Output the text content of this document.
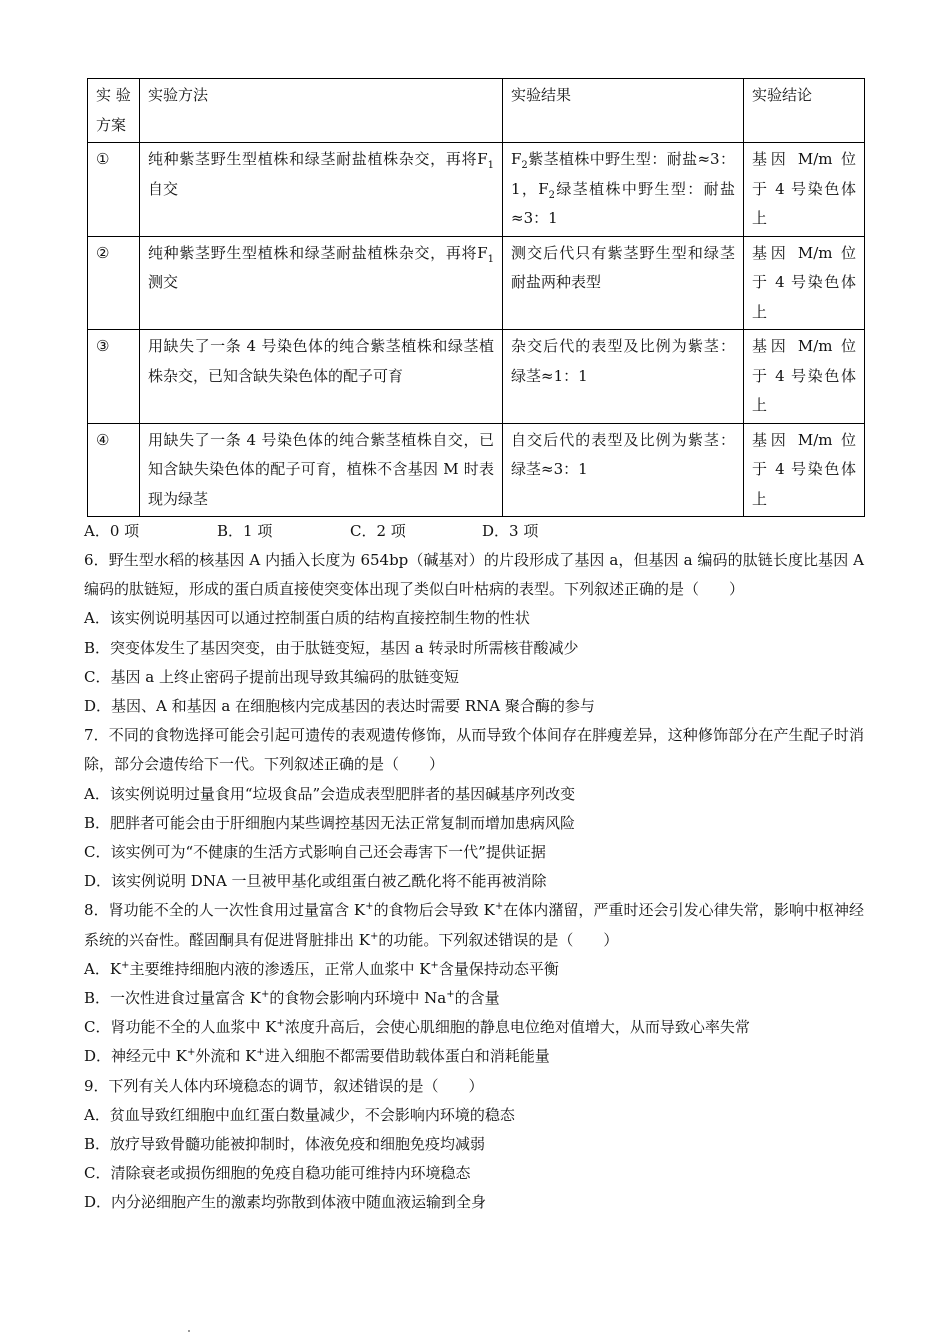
实 验
方案	实验方法	实验结果	实验结论
①	纯种紫茎野生型植株和绿茎耐盐植株杂交，再将$F_1$自交	$F_2$紫茎植株中野生型：耐盐≈3：1，$F_2$绿茎植株中野生型：耐盐≈3：1	基因 M/m 位于 4 号染色体上
②	纯种紫茎野生型植株和绿茎耐盐植株杂交，再将$F_1$测交	测交后代只有紫茎野生型和绿茎耐盐两种表型	基因 M/m 位于 4 号染色体上
③	用缺失了一条 4 号染色体的纯合紫茎植株和绿茎植株杂交，已知含缺失染色体的配子可育	杂交后代的表型及比例为紫茎：绿茎≈1：1	基因 M/m 位于 4 号染色体上
④	用缺失了一条 4 号染色体的纯合紫茎植株自交，已知含缺失染色体的配子可育，植株不含基因 M 时表现为绿茎	自交后代的表型及比例为紫茎：绿茎≈3：1	基因 M/m 位于 4 号染色体上
A．0 项	B．1 项	C．2 项	D．3 项
6．野生型水稻的核基因 A 内插入长度为 654bp（碱基对）的片段形成了基因 a，但基因 a 编码的肽链长度比基因 A 编码的肽链短，形成的蛋白质直接使突变体出现了类似白叶枯病的表型。下列叙述正确的是（　　）
A．该实例说明基因可以通过控制蛋白质的结构直接控制生物的性状
B．突变体发生了基因突变，由于肽链变短，基因 a 转录时所需核苷酸减少
C．基因 a 上终止密码子提前出现导致其编码的肽链变短
D．基因、A 和基因 a 在细胞核内完成基因的表达时需要 RNA 聚合酶的参与
7．不同的食物选择可能会引起可遗传的表观遗传修饰，从而导致个体间存在胖瘦差异，这种修饰部分在产生配子时消除，部分会遗传给下一代。下列叙述正确的是（　　）
A．该实例说明过量食用“垃圾食品”会造成表型肥胖者的基因碱基序列改变
B．肥胖者可能会由于肝细胞内某些调控基因无法正常复制而增加患病风险
C．该实例可为“不健康的生活方式影响自己还会毒害下一代”提供证据
D．该实例说明 DNA 一旦被甲基化或组蛋白被乙酰化将不能再被消除
8．肾功能不全的人一次性食用过量富含 K+的食物后会导致 K+在体内潴留，严重时还会引发心律失常，影响中枢神经系统的兴奋性。醛固酮具有促进肾脏排出 K+的功能。下列叙述错误的是（　　）
A．K+主要维持细胞内液的渗透压，正常人血浆中 K+含量保持动态平衡
B．一次性进食过量富含 K+的食物会影响内环境中 Na+的含量
C．肾功能不全的人血浆中 K+浓度升高后，会使心肌细胞的静息电位绝对值增大，从而导致心率失常
D．神经元中 K+外流和 K+进入细胞不都需要借助载体蛋白和消耗能量
9．下列有关人体内环境稳态的调节，叙述错误的是（　　）
A．贫血导致红细胞中血红蛋白数量减少，不会影响内环境的稳态
B．放疗导致骨髓功能被抑制时，体液免疫和细胞免疫均减弱
C．清除衰老或损伤细胞的免疫自稳功能可维持内环境稳态
D．内分泌细胞产生的激素均弥散到体液中随血液运输到全身
